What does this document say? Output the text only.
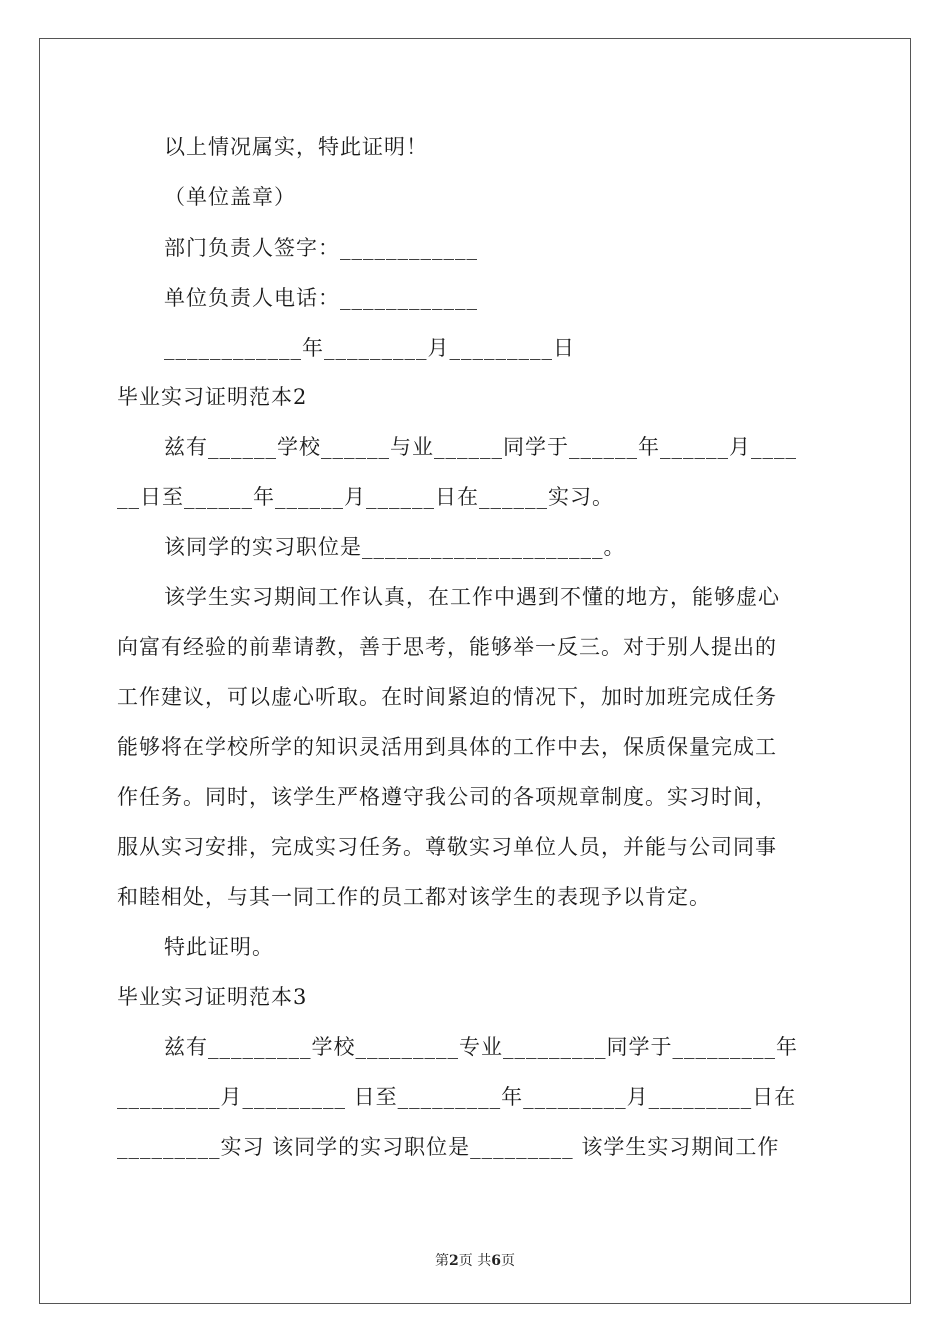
以上情况属实，特此证明！
（单位盖章）
部门负责人签字：____________
单位负责人电话：____________
____________年_________月_________日
毕业实习证明范本2
兹有______学校______与业______同学于______年______月____
__日至______年______月______日在______实习。
该同学的实习职位是_____________________。
该学生实习期间工作认真，在工作中遇到不懂的地方，能够虚心
向富有经验的前辈请教，善于思考，能够举一反三。对于别人提出的
工作建议，可以虚心听取。在时间紧迫的情况下，加时加班完成任务
能够将在学校所学的知识灵活用到具体的工作中去，保质保量完成工
作任务。同时，该学生严格遵守我公司的各项规章制度。实习时间，
服从实习安排，完成实习任务。尊敬实习单位人员，并能与公司同事
和睦相处，与其一同工作的员工都对该学生的表现予以肯定。
特此证明。
毕业实习证明范本3
兹有_________学校_________专业_________同学于_________年
_________月_________ 日至_________年_________月_________日在
_________实习 该同学的实习职位是_________ 该学生实习期间工作
第2页 共6页
